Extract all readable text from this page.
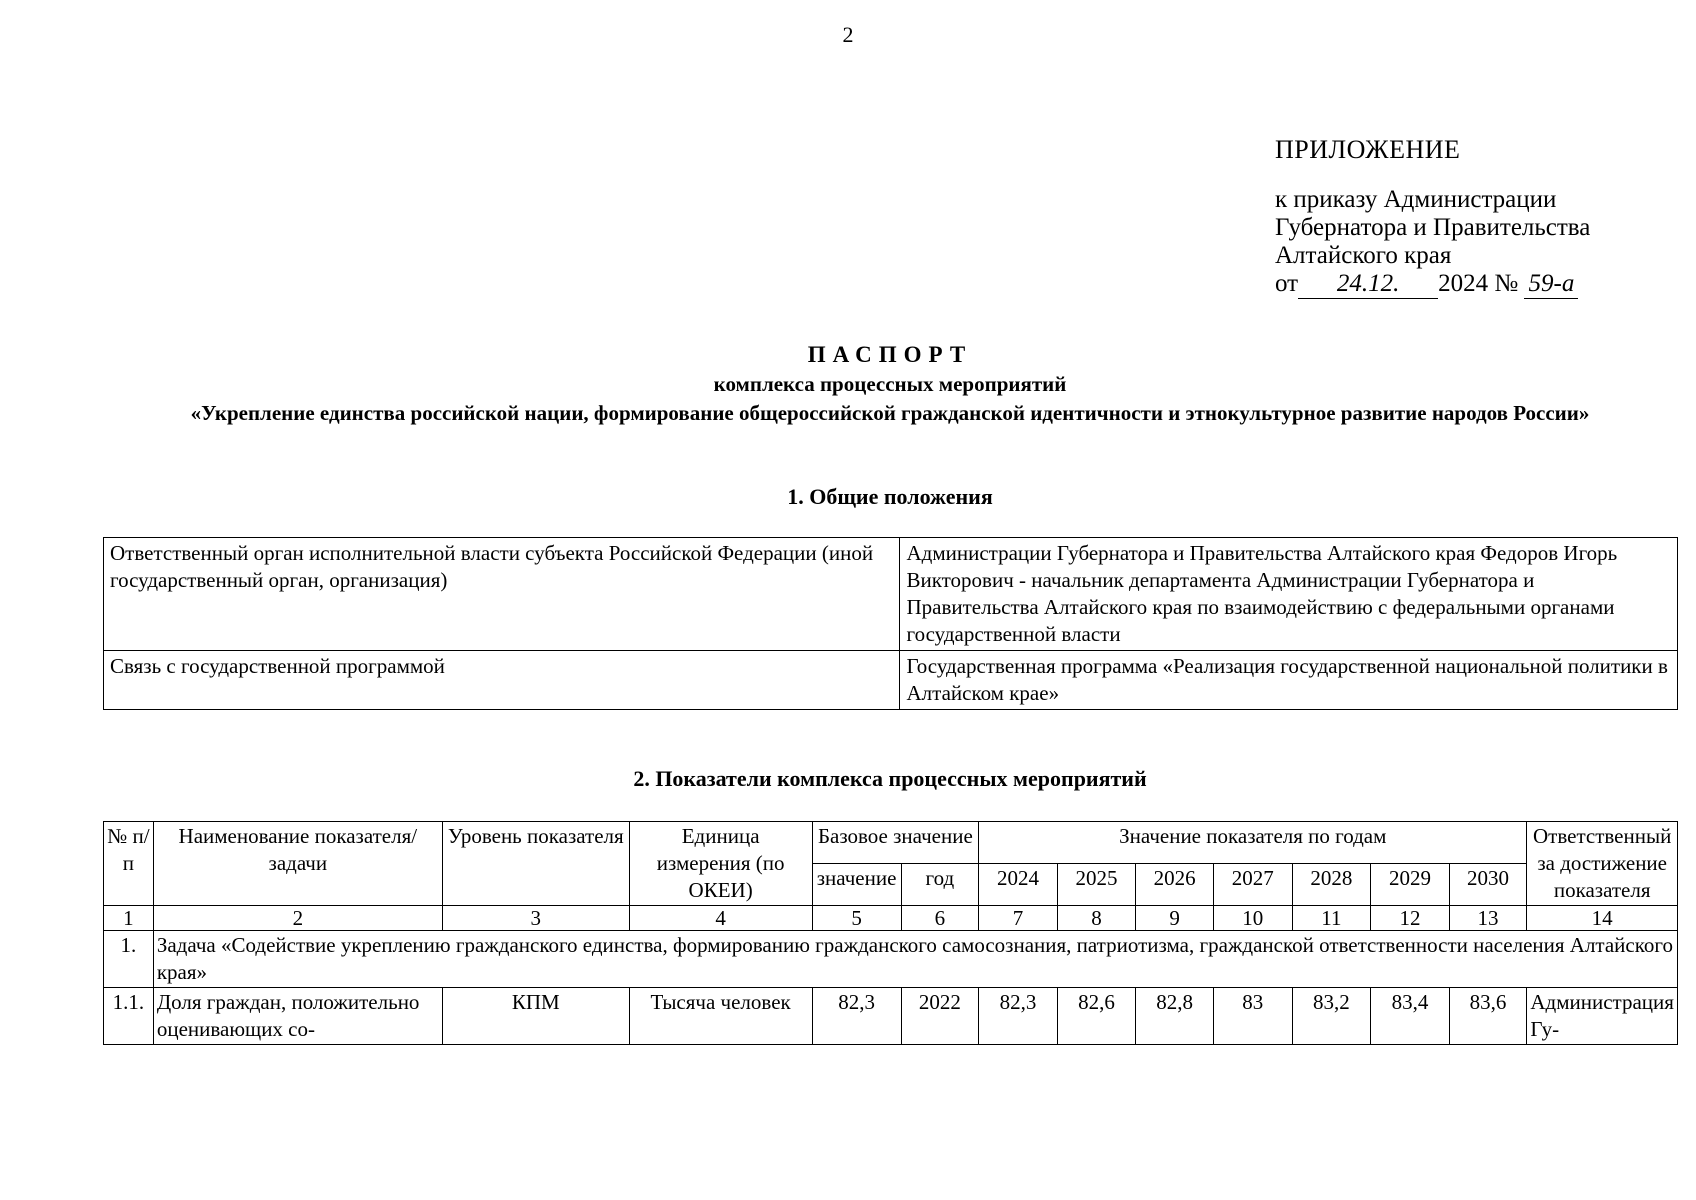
2
ПРИЛОЖЕНИЕ
к приказу Администрации
Губернатора и Правительства
Алтайского края
от 24.12. 2024 № 59-а
ПАСПОРТ
комплекса процессных мероприятий
«Укрепление единства российской нации, формирование общероссийской гражданской идентичности и этнокультурное развитие народов России»
1. Общие положения
Ответственный орган исполнительной власти субъекта Российской Федерации (иной государственный орган, организация)	Администрации Губернатора и Правительства Алтайского края Федоров Игорь Викторович - начальник департамента Администрации Губернатора и Правительства Алтайского края по взаимодействию с федеральными органами государственной власти
Связь с государственной программой	Государственная программа «Реализация государственной национальной политики в Алтайском крае»
2. Показатели комплекса процессных мероприятий
№ п/п	Наименование показателя/задачи	Уровень показателя	Единица измерения (по ОКЕИ)	Базовое значение		Значение показателя по годам							Ответственный за достижение показателя
				значение	год	2024	2025	2026	2027	2028	2029	2030	
1	2	3	4	5	6	7	8	9	10	11	12	13	14
1.	Задача «Содействие укреплению гражданского единства, формированию гражданского самосознания, патриотизма, гражданской ответственности населения Алтайского края»												
1.1.	Доля граждан, положительно оценивающих со-	КПМ	Тысяча человек	82,3	2022	82,3	82,6	82,8	83	83,2	83,4	83,6	Администрация Гу-
